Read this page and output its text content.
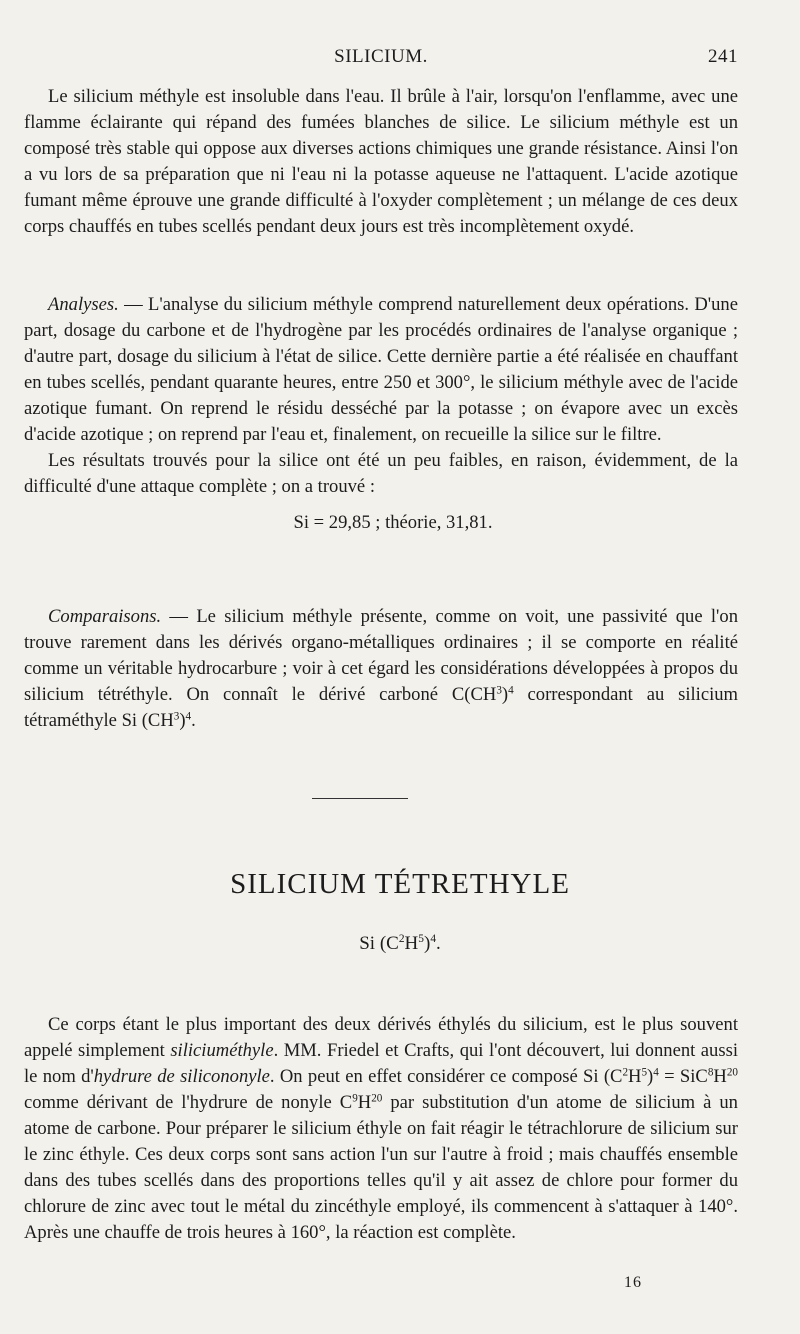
SILICIUM.	241

Le silicium méthyle est insoluble dans l'eau. Il brûle à l'air, lorsqu'on l'enflamme, avec une flamme éclairante qui répand des fumées blanches de silice. Le silicium méthyle est un composé très stable qui oppose aux diverses actions chimiques une grande résistance. Ainsi l'on a vu lors de sa préparation que ni l'eau ni la potasse aqueuse ne l'attaquent. L'acide azotique fumant même éprouve une grande difficulté à l'oxyder complètement ; un mélange de ces deux corps chauffés en tubes scellés pendant deux jours est très incomplètement oxydé.

Analyses. — L'analyse du silicium méthyle comprend naturellement deux opérations. D'une part, dosage du carbone et de l'hydrogène par les procédés ordinaires de l'analyse organique ; d'autre part, dosage du silicium à l'état de silice. Cette dernière partie a été réalisée en chauffant en tubes scellés, pendant quarante heures, entre 250 et 300°, le silicium méthyle avec de l'acide azotique fumant. On reprend le résidu desséché par la potasse ; on évapore avec un excès d'acide azotique ; on reprend par l'eau et, finalement, on recueille la silice sur le filtre.

Les résultats trouvés pour la silice ont été un peu faibles, en raison, évidemment, de la difficulté d'une attaque complète ; on a trouvé :

Si = 29,85 ; théorie, 31,81.

Comparaisons. — Le silicium méthyle présente, comme on voit, une passivité que l'on trouve rarement dans les dérivés organo-métalliques ordinaires ; il se comporte en réalité comme un véritable hydrocarbure ; voir à cet égard les considérations développées à propos du silicium tétréthyle. On connaît le dérivé carboné $C(CH^3)^4$ correspondant au silicium tétraméthyle Si $(CH^3)^4$.

SILICIUM TÉTRETHYLE
Si $(C^2H^5)^4$.

Ce corps étant le plus important des deux dérivés éthylés du silicium, est le plus souvent appelé simplement siliciuméthyle. MM. Friedel et Crafts, qui l'ont découvert, lui donnent aussi le nom d'hydrure de silicononyle. On peut en effet considérer ce composé Si $(C^2H^5)^4 = SiC^8H^{20}$ comme dérivant de l'hydrure de nonyle $C^9H^{20}$ par substitution d'un atome de silicium à un atome de carbone. Pour préparer le silicium éthyle on fait réagir le tétrachlorure de silicium sur le zinc éthyle. Ces deux corps sont sans action l'un sur l'autre à froid ; mais chauffés ensemble dans des tubes scellés dans des proportions telles qu'il y ait assez de chlore pour former du chlorure de zinc avec tout le métal du zincéthyle employé, ils commencent à s'attaquer à 140°. Après une chauffe de trois heures à 160°, la réaction est complète.

16
